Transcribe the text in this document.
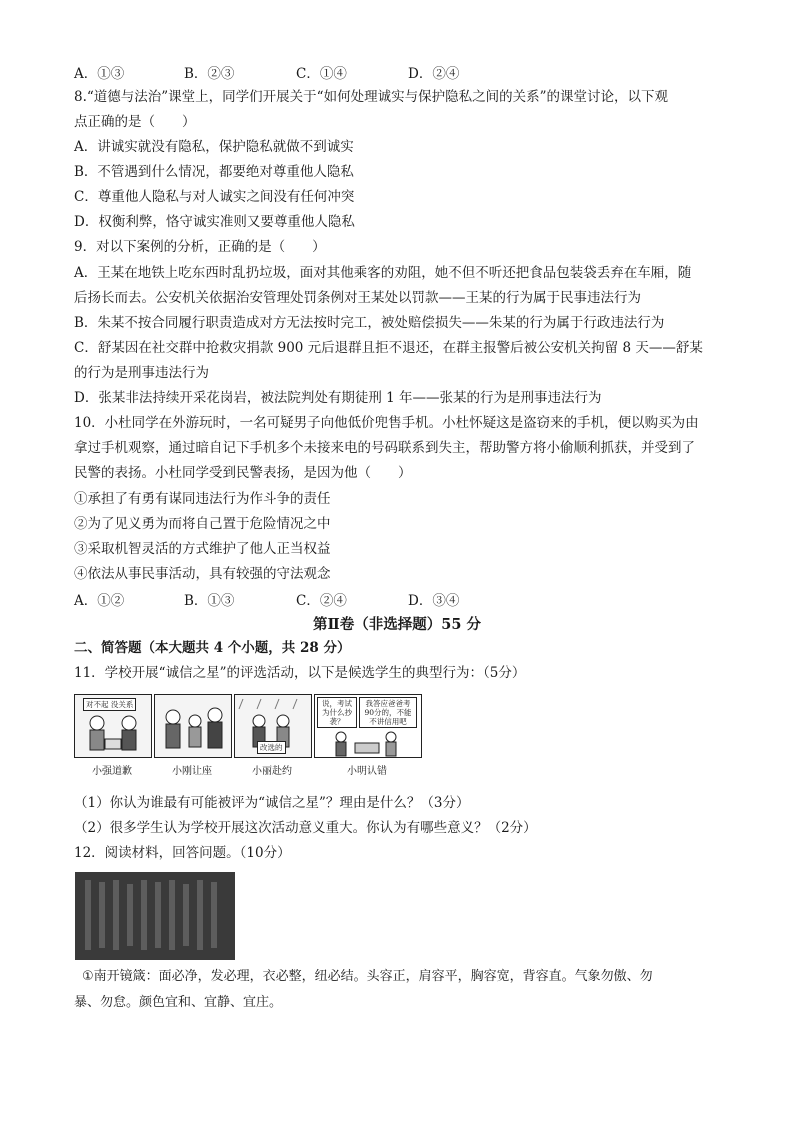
A．①③	B．②③	C．①④	D．②④
8.“道德与法治”课堂上，同学们开展关于“如何处理诚实与保护隐私之间的关系”的课堂讨论，以下观
点正确的是（　　）
A．讲诚实就没有隐私，保护隐私就做不到诚实
B．不管遇到什么情况，都要绝对尊重他人隐私
C．尊重他人隐私与对人诚实之间没有任何冲突
D．权衡利弊，恪守诚实准则又要尊重他人隐私
9．对以下案例的分析，正确的是（　　）
A．王某在地铁上吃东西时乱扔垃圾，面对其他乘客的劝阻，她不但不听还把食品包装袋丢弃在车厢，随
后扬长而去。公安机关依据治安管理处罚条例对王某处以罚款——王某的行为属于民事违法行为
B．朱某不按合同履行职责造成对方无法按时完工，被处赔偿损失——朱某的行为属于行政违法行为
C．舒某因在社交群中抢救灾捐款 900 元后退群且拒不退还，在群主报警后被公安机关拘留 8 天——舒某
的行为是刑事违法行为
D．张某非法持续开采花岗岩，被法院判处有期徒刑 1 年——张某的行为是刑事违法行为
10．小杜同学在外游玩时，一名可疑男子向他低价兜售手机。小杜怀疑这是盗窃来的手机，便以购买为由
拿过手机观察，通过暗自记下手机多个未接来电的号码联系到失主，帮助警方将小偷顺利抓获，并受到了
民警的表扬。小杜同学受到民警表扬，是因为他（　　）
①承担了有勇有谋同违法行为作斗争的责任
②为了见义勇为而将自己置于危险情况之中
③采取机智灵活的方式维护了他人正当权益
④依法从事民事活动，具有较强的守法观念
A．①②	B．①③	C．②④	D．③④
第Ⅱ卷（非选择题）55 分
二、简答题（本大题共 4 个小题，共 28 分）
11．学校开展“诚信之星”的评选活动，以下是候选学生的典型行为：（5分）
对不起 没关系
改选的
说，考试为什么抄袭？
我答应爸爸考90分的，不能不讲信用吧
小强道歉	小刚让座	小丽赴约	小明认错
（1）你认为谁最有可能被评为“诚信之星”？理由是什么？（3分）
（2）很多学生认为学校开展这次活动意义重大。你认为有哪些意义？（2分）
12．阅读材料，回答问题。（10分）
①南开镜箴：面必净，发必理，衣必整，纽必结。头容正，肩容平，胸容宽，背容直。气象勿傲、勿
暴、勿怠。颜色宜和、宜静、宜庄。
